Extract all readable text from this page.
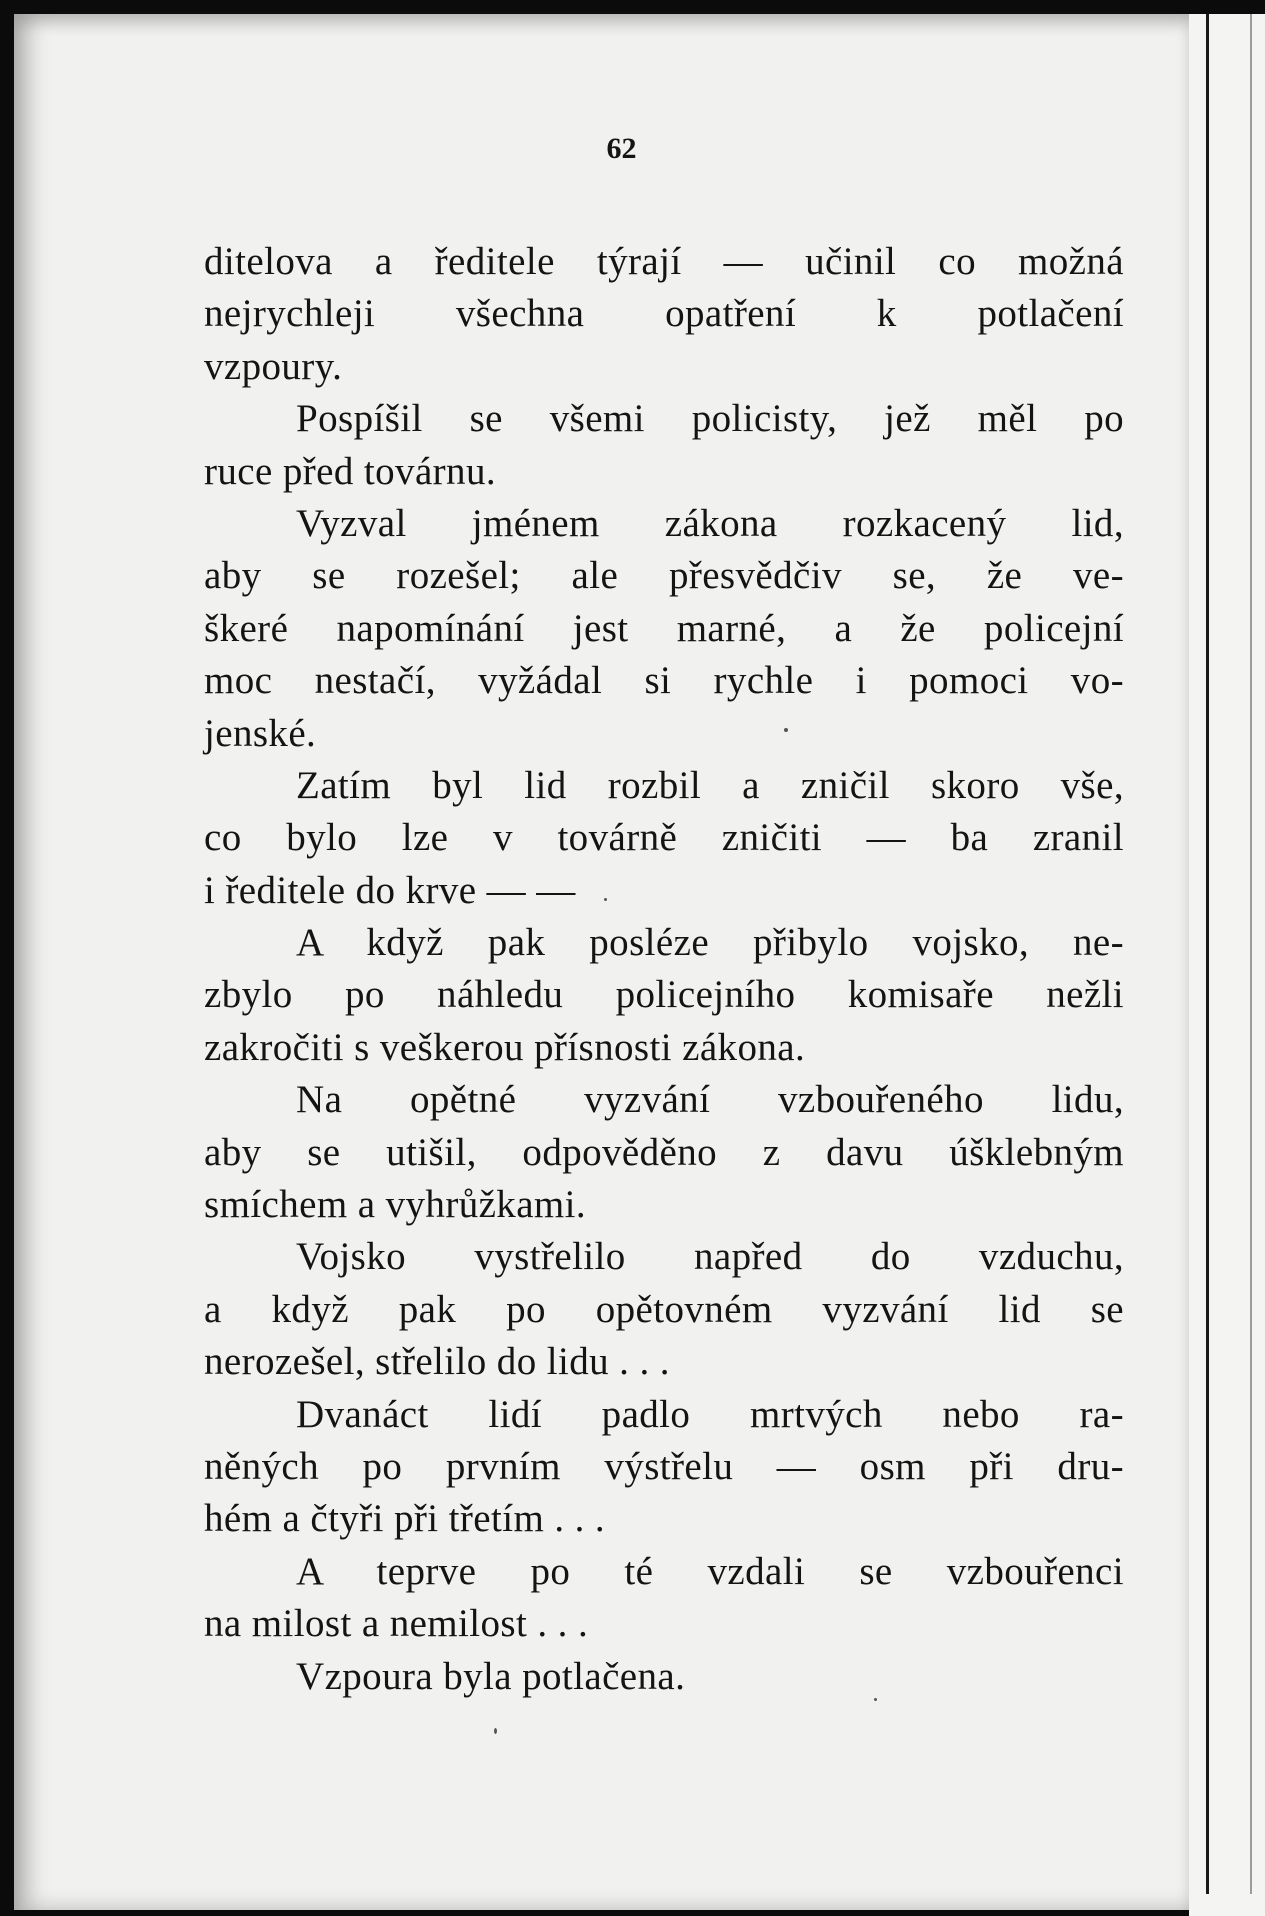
62
ditelova a ředitele týrají — učinil co možná
nejrychleji všechna opatření k potlačení
vzpoury.
Pospíšil se všemi policisty, jež měl po
ruce před továrnu.
Vyzval jménem zákona rozkacený lid,
aby se rozešel; ale přesvědčiv se, že ve-
škeré napomínání jest marné, a že policejní
moc nestačí, vyžádal si rychle i pomoci vo-
jenské.
Zatím byl lid rozbil a zničil skoro vše,
co bylo lze v továrně zničiti — ba zranil
i ředitele do krve — —
A když pak posléze přibylo vojsko, ne-
zbylo po náhledu policejního komisaře nežli
zakročiti s veškerou přísnosti zákona.
Na opětné vyzvání vzbouřeného lidu,
aby se utišil, odpověděno z davu úšklebným
smíchem a vyhrůžkami.
Vojsko vystřelilo napřed do vzduchu,
a když pak po opětovném vyzvání lid se
nerozešel, střelilo do lidu . . .
Dvanáct lidí padlo mrtvých nebo ra-
něných po prvním výstřelu — osm při dru-
hém a čtyři při třetím . . .
A teprve po té vzdali se vzbouřenci
na milost a nemilost . . .
Vzpoura byla potlačena.
